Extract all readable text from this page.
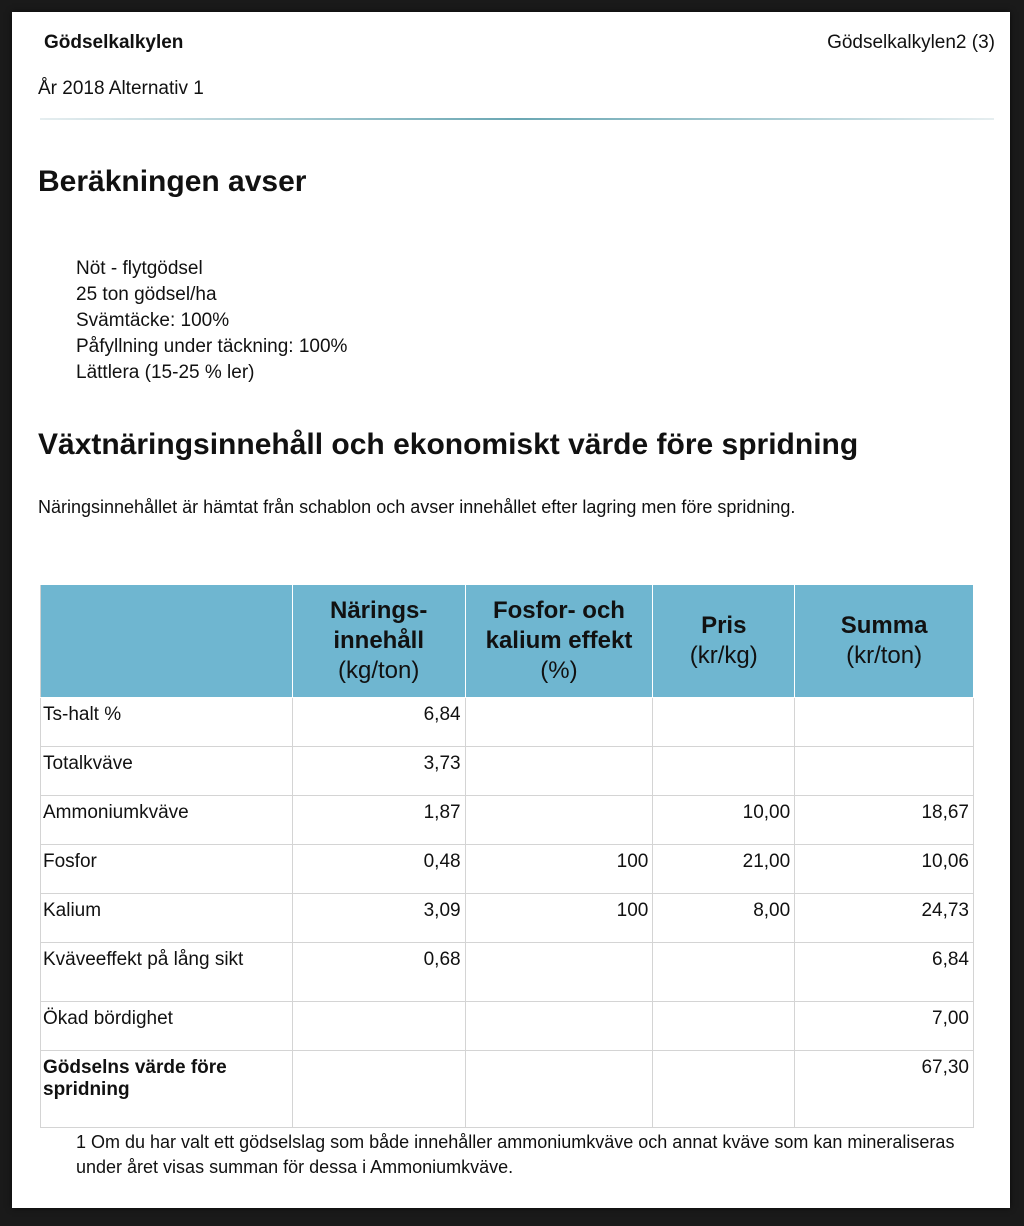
Gödselkalkylen	Gödselkalkylen2 (3)
År 2018 Alternativ 1
Beräkningen avser
Nöt - flytgödsel
25 ton gödsel/ha
Svämtäcke: 100%
Påfyllning under täckning: 100%
Lättlera (15-25 % ler)
Växtnäringsinnehåll och ekonomiskt värde före spridning
Näringsinnehållet är hämtat från schablon och avser innehållet efter lagring men före spridning.

	Närings-
innehåll
(kg/ton)	Fosfor- och
kalium effekt
(%)	Pris
(kr/kg)	Summa
(kr/ton)

Ts-halt %	6,84			
Totalkväve	3,73			
Ammoniumkväve	1,87		10,00	18,67
Fosfor	0,48	100	21,00	10,06
Kalium	3,09	100	8,00	24,73
Kväveeffekt på lång sikt	0,68			6,84
Ökad bördighet				7,00
Gödselns värde före spridning				67,30
1 Om du har valt ett gödselslag som både innehåller ammoniumkväve och annat kväve som kan mineraliseras under året visas summan för dessa i Ammoniumkväve.
